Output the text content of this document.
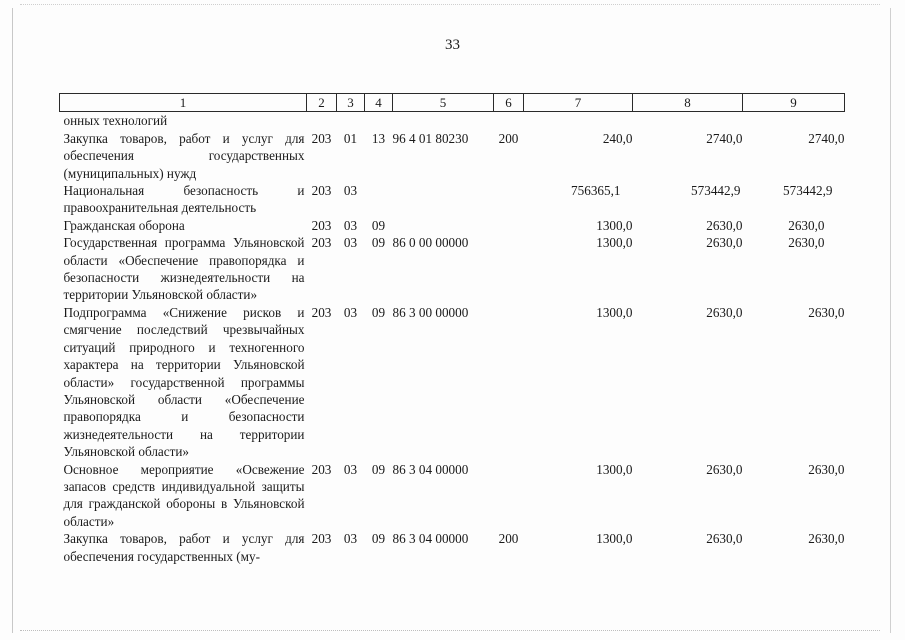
33
1	2	3	4	5	6	7	8	9
онных технологий								
Закупка товаров, работ и услуг для обеспечения государственных (муниципальных) нужд	203	01	13	96 4 01 80230	200	240,0	2740,0	2740,0
Национальная безопасность и правоохранительная деятельность	203	03				756365,1	573442,9	573442,9
Гражданская оборона	203	03	09			1300,0	2630,0	2630,0
Государственная программа Ульяновской области «Обеспечение правопорядка и безопасности жизнедеятельности на территории Ульяновской области»	203	03	09	86 0 00 00000		1300,0	2630,0	2630,0
Подпрограмма «Снижение рисков и смягчение последствий чрезвычайных ситуаций природного и техногенного характера на территории Ульяновской области» государственной программы Ульяновской области «Обеспечение правопорядка и безопасности жизнедеятельности на территории Ульяновской области»	203	03	09	86 3 00 00000		1300,0	2630,0	2630,0
Основное мероприятие «Освежение запасов средств индивидуальной защиты для гражданской обороны в Ульяновской области»	203	03	09	86 3 04 00000		1300,0	2630,0	2630,0
Закупка товаров, работ и услуг для обеспечения государственных (му-	203	03	09	86 3 04 00000	200	1300,0	2630,0	2630,0
